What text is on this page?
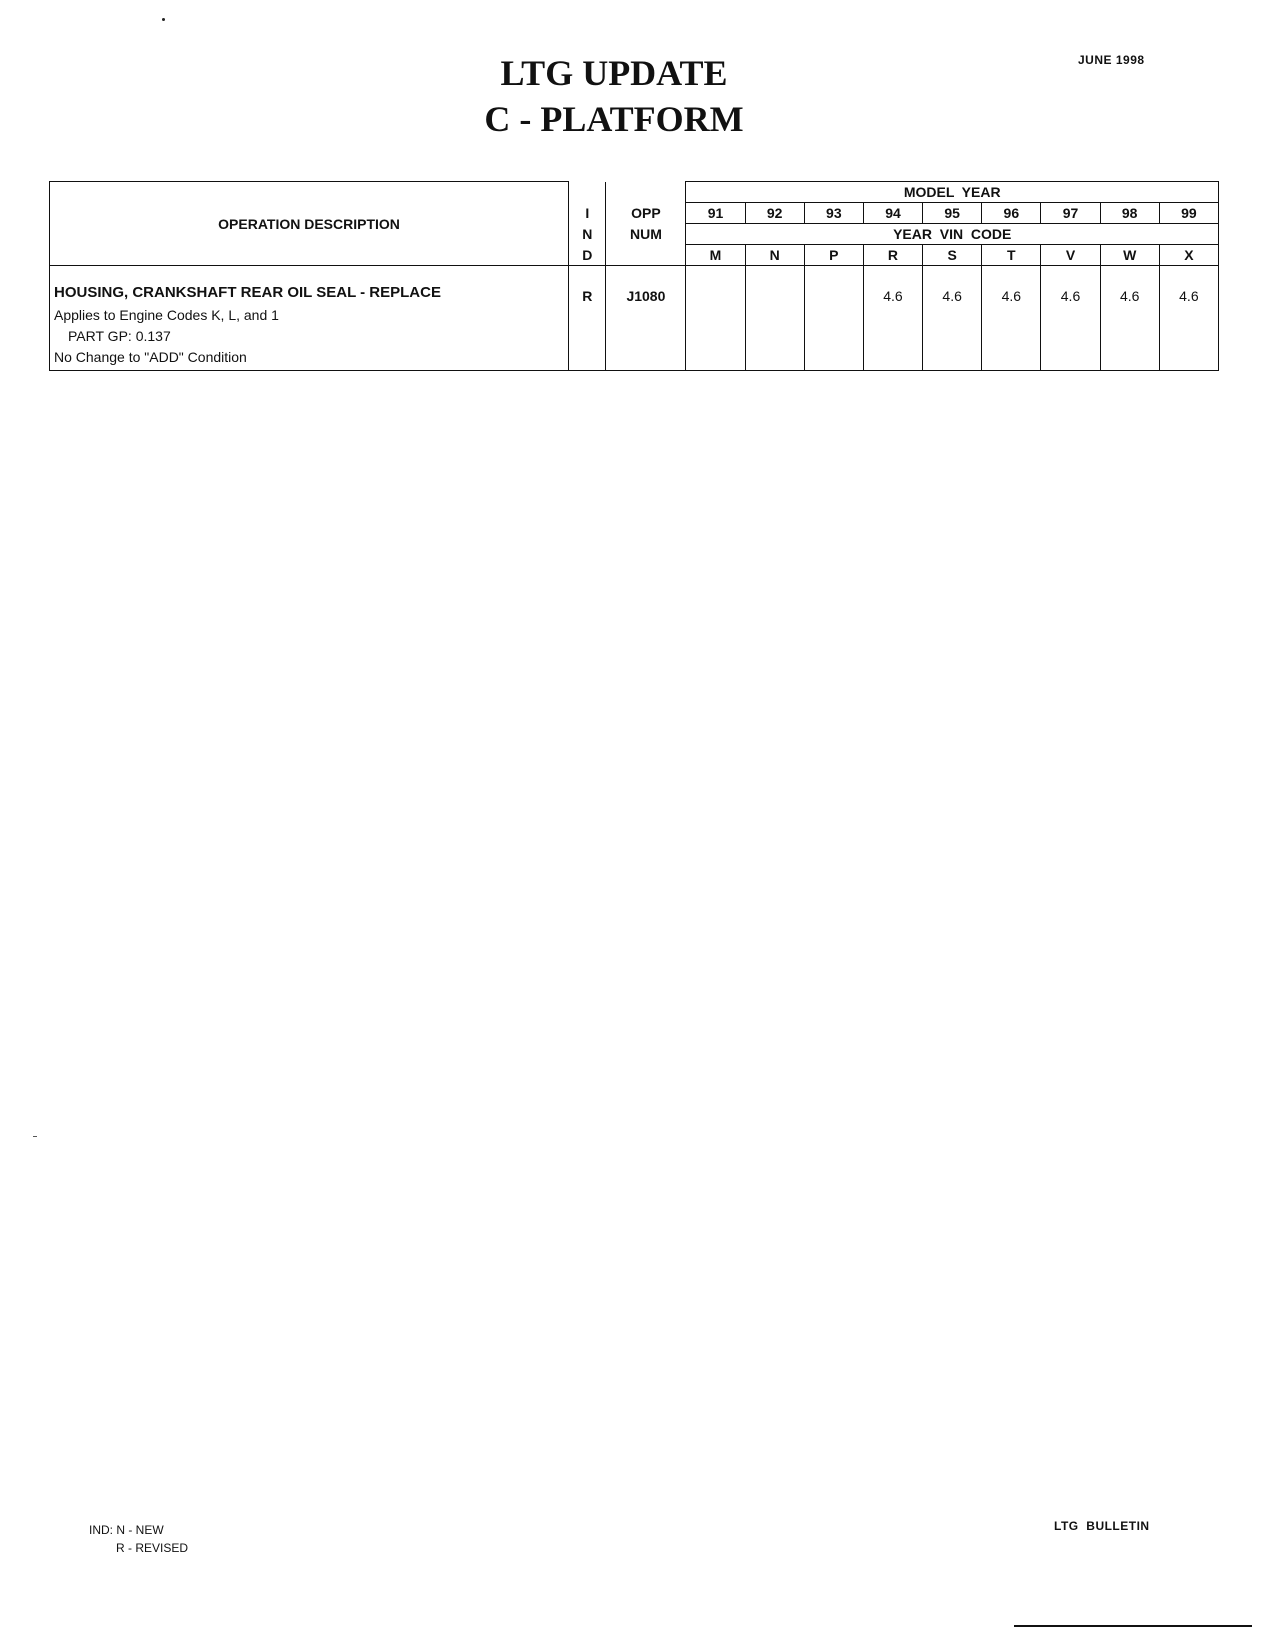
JUNE 1998
LTG UPDATE
C - PLATFORM
OPERATION DESCRIPTION			MODEL  YEAR								
	I	OPP	91	92	93	94	95	96	97	98	99
	N	NUM	YEAR  VIN  CODE								
	D		M	N	P	R	S	T	V	W	X

HOUSING, CRANKSHAFT REAR OIL SEAL - REPLACE
Applies to Engine Codes K, L, and 1
PART GP: 0.137
No Change to "ADD" Condition	R	J1080				4.6	4.6	4.6	4.6	4.6	4.6
IND: N - NEW
R - REVISED
LTG  BULLETIN
